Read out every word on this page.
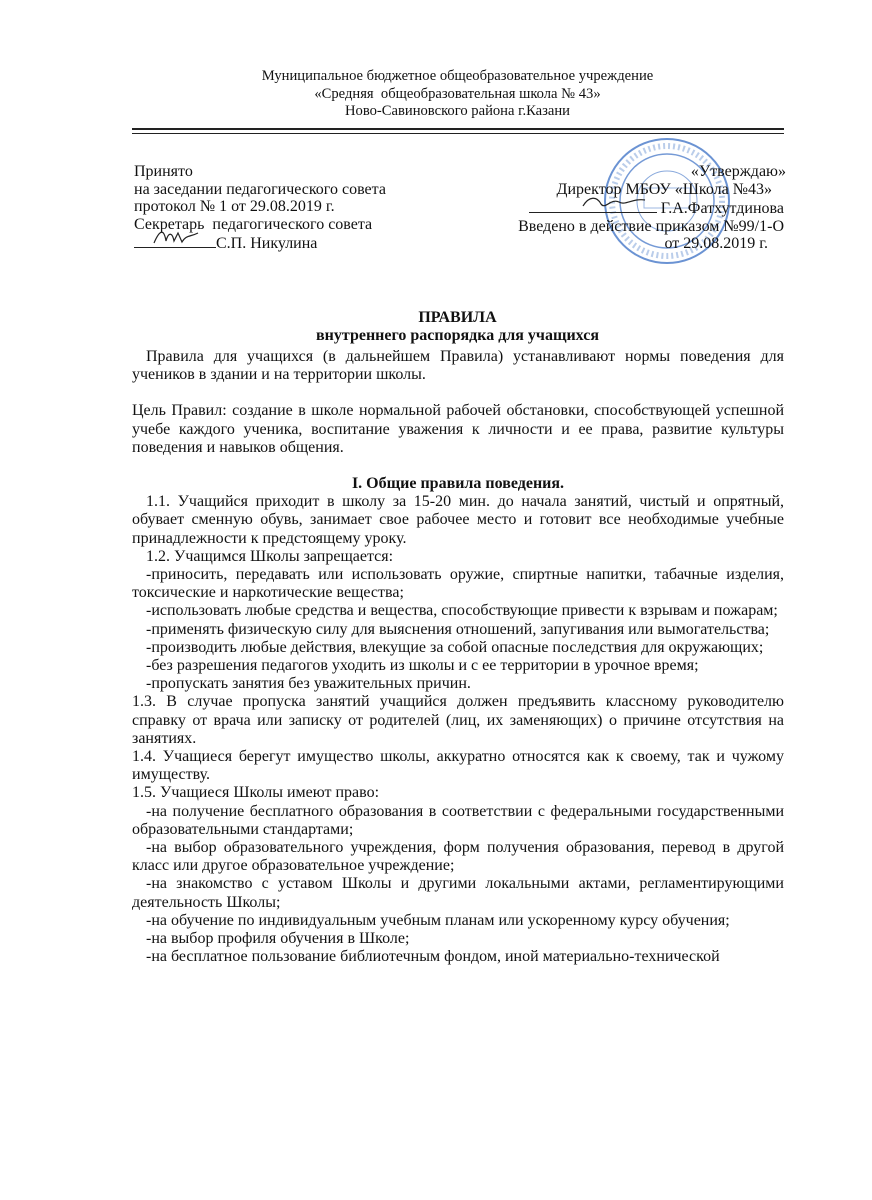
Муниципальное бюджетное общеобразовательное учреждение
«Средняя  общеобразовательная школа № 43»
Ново-Савиновского района г.Казани
Принято
на заседании педагогического совета
протокол № 1 от 29.08.2019 г.
Секретарь  педагогического совета
С.П. Никулина
«Утверждаю»
Директор МБОУ «Школа №43»
Г.А.Фатхутдинова
Введено в действие приказом №99/1-О
от 29.08.2019 г.
ПРАВИЛА
внутреннего распорядка для учащихся

Правила для учащихся (в дальнейшем Правила) устанавливают нормы поведения для учеников в здании и на территории школы.

Цель Правил: создание в школе нормальной рабочей обстановки, способствующей успешной учебе каждого ученика, воспитание уважения к личности и ее права, развитие культуры поведения и навыков общения.

I. Общие правила поведения.

1.1. Учащийся приходит в школу за 15-20 мин. до начала занятий, чистый и опрятный, обувает сменную обувь, занимает свое рабочее место и готовит все необходимые учебные принадлежности к предстоящему уроку.

1.2. Учащимся Школы запрещается:

-приносить, передавать или использовать оружие, спиртные напитки, табачные изделия, токсические и наркотические вещества;

-использовать любые средства и вещества, способствующие привести к взрывам и пожарам;

-применять физическую силу для выяснения отношений, запугивания или вымогательства;

-производить любые действия, влекущие за собой опасные последствия для окружающих;

-без разрешения педагогов уходить из школы и с ее территории в урочное время;

-пропускать занятия без уважительных причин.

1.3. В случае пропуска занятий учащийся должен предъявить классному руководителю справку от врача или записку от родителей (лиц, их заменяющих) о причине отсутствия на занятиях.

1.4. Учащиеся берегут имущество школы, аккуратно относятся как к своему, так и чужому имуществу.

1.5. Учащиеся Школы имеют право:

-на получение бесплатного образования в соответствии с федеральными государственными образовательными стандартами;

-на выбор образовательного учреждения, форм получения образования, перевод в другой класс или другое образовательное учреждение;

-на знакомство с уставом Школы и другими локальными актами, регламентирующими деятельность Школы;

-на обучение по индивидуальным учебным планам или ускоренному курсу обучения;

-на выбор профиля обучения в Школе;

-на бесплатное пользование библиотечным фондом, иной материально-технической
